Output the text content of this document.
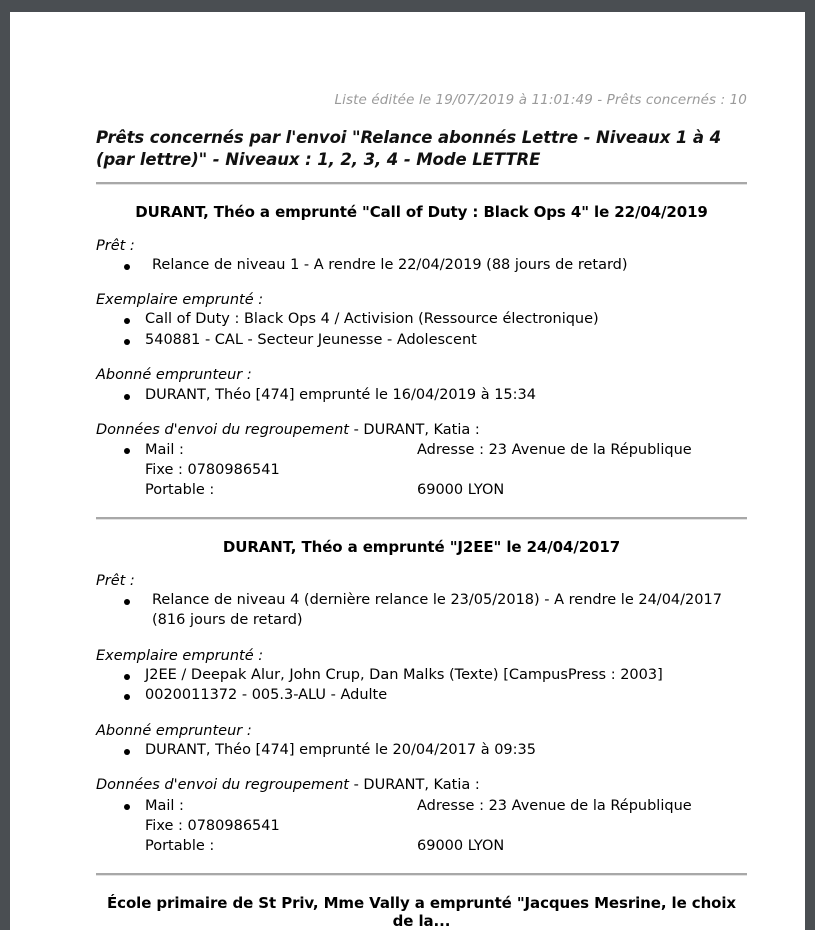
Liste éditée le 19/07/2019 à 11:01:49 - Prêts concernés : 10
Prêts concernés par l'envoi "Relance abonnés Lettre - Niveaux 1 à 4 (par lettre)" - Niveaux : 1, 2, 3, 4 - Mode LETTRE
DURANT, Théo a emprunté "Call of Duty : Black Ops 4" le 22/04/2019
Prêt :
Relance de niveau 1 - A rendre le 22/04/2019 (88 jours de retard)
Exemplaire emprunté :
Call of Duty : Black Ops 4 / Activision (Ressource électronique)
540881 - CAL - Secteur Jeunesse - Adolescent
Abonné emprunteur :
DURANT, Théo [474] emprunté le 16/04/2019 à 15:34
Données d'envoi du regroupement - DURANT, Katia :
Mail :	Adresse : 23 Avenue de la République
Fixe : 0780986541
Portable :	69000 LYON
DURANT, Théo a emprunté "J2EE" le 24/04/2017
Prêt :
Relance de niveau 4 (dernière relance le 23/05/2018) - A rendre le 24/04/2017 (816 jours de retard)
Exemplaire emprunté :
J2EE / Deepak Alur, John Crup, Dan Malks (Texte) [CampusPress : 2003]
0020011372 - 005.3-ALU - Adulte
Abonné emprunteur :
DURANT, Théo [474] emprunté le 20/04/2017 à 09:35
Données d'envoi du regroupement - DURANT, Katia :
Mail :	Adresse : 23 Avenue de la République
Fixe : 0780986541
Portable :	69000 LYON
École primaire de St Priv, Mme Vally a emprunté "Jacques Mesrine, le choix de la...
